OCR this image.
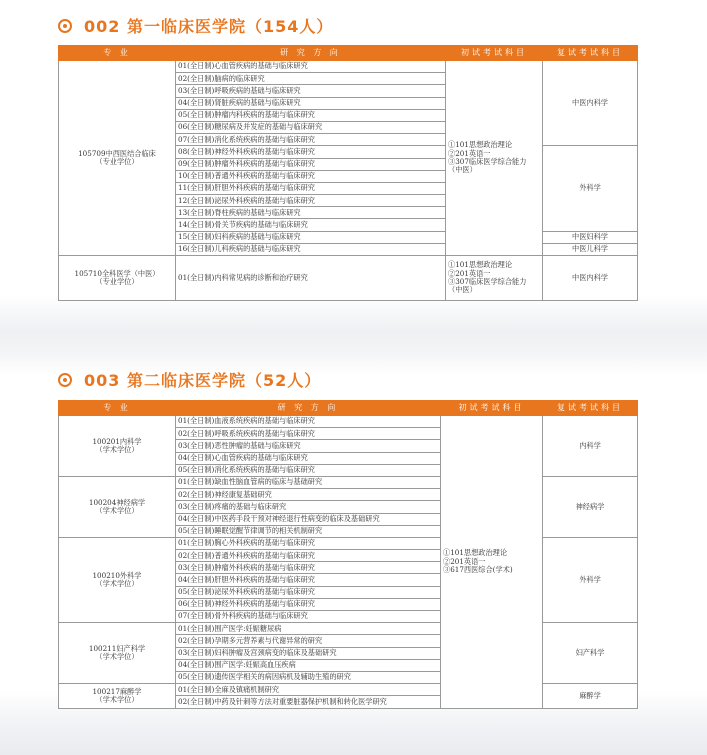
002 第一临床医学院（154人）
专 业	研 究 方 向	初试考试科目	复试考试科目
105709中西医结合临床
（专业学位）	01(全日制)心血管疾病的基础与临床研究	①101思想政治理论
②201英语一
③307临床医学综合能力（中医）	中医内科学
	02(全日制)脑病的临床研究		
	03(全日制)呼吸疾病的基础与临床研究		
	04(全日制)肾脏疾病的基础与临床研究		
	05(全日制)肿瘤内科疾病的基础与临床研究		
	06(全日制)糖尿病及并发症的基础与临床研究		
	07(全日制)消化系统疾病的基础与临床研究		
	08(全日制)神经外科疾病的基础与临床研究		外科学
	09(全日制)肿瘤外科疾病的基础与临床研究		
	10(全日制)普通外科疾病的基础与临床研究		
	11(全日制)肝胆外科疾病的基础与临床研究		
	12(全日制)泌尿外科疾病的基础与临床研究		
	13(全日制)脊柱疾病的基础与临床研究		
	14(全日制)骨关节疾病的基础与临床研究		
	15(全日制)妇科疾病的基础与临床研究		中医妇科学
	16(全日制)儿科疾病的基础与临床研究		中医儿科学
105710全科医学（中医）
（专业学位）	01(全日制)内科常见病的诊断和治疗研究	①101思想政治理论
②201英语一
③307临床医学综合能力（中医）	中医内科学
专 业	研 究 方 向	初试考试科目	复试考试科目
100201内科学
（学术学位）	01(全日制)血液系统疾病的基础与临床研究	①101思想政治理论
②201英语一
③617西医综合(学术)	内科学
	02(全日制)呼吸系统疾病的基础与临床研究		
	03(全日制)恶性肿瘤的基础与临床研究		
	04(全日制)心血管疾病的基础与临床研究		
	05(全日制)消化系统疾病的基础与临床研究		
100204神经病学
（学术学位）	01(全日制)缺血性脑血管病的临床与基础研究		神经病学
	02(全日制)神经康复基础研究		
	03(全日制)疼痛的基础与临床研究		
	04(全日制)中医药手段干预对神经退行性病变的临床及基础研究		
	05(全日制)睡眠觉醒节律调节的相关机制研究		
100210外科学
（学术学位）	01(全日制)胸心外科疾病的基础与临床研究		外科学
	02(全日制)普通外科疾病的基础与临床研究		
	03(全日制)肿瘤外科疾病的基础与临床研究		
	04(全日制)肝胆外科疾病的基础与临床研究		
	05(全日制)泌尿外科疾病的基础与临床研究		
	06(全日制)神经外科疾病的基础与临床研究		
	07(全日制)骨外科疾病的基础与临床研究		
100211妇产科学
（学术学位）	01(全日制)围产医学:妊娠糖尿病		妇产科学
	02(全日制)孕期多元营养素与代谢异常的研究		
	03(全日制)妇科肿瘤及宫颈病变的临床及基础研究		
	04(全日制)围产医学:妊娠高血压疾病		
	05(全日制)遗传医学相关的病因病机及辅助生殖的研究		
100217麻醉学
（学术学位）	01(全日制)全麻及镇痛机制研究		麻醉学
	02(全日制)中药及针刺等方法对重要脏器保护机制和转化医学研究		
003 第二临床医学院（52人）
